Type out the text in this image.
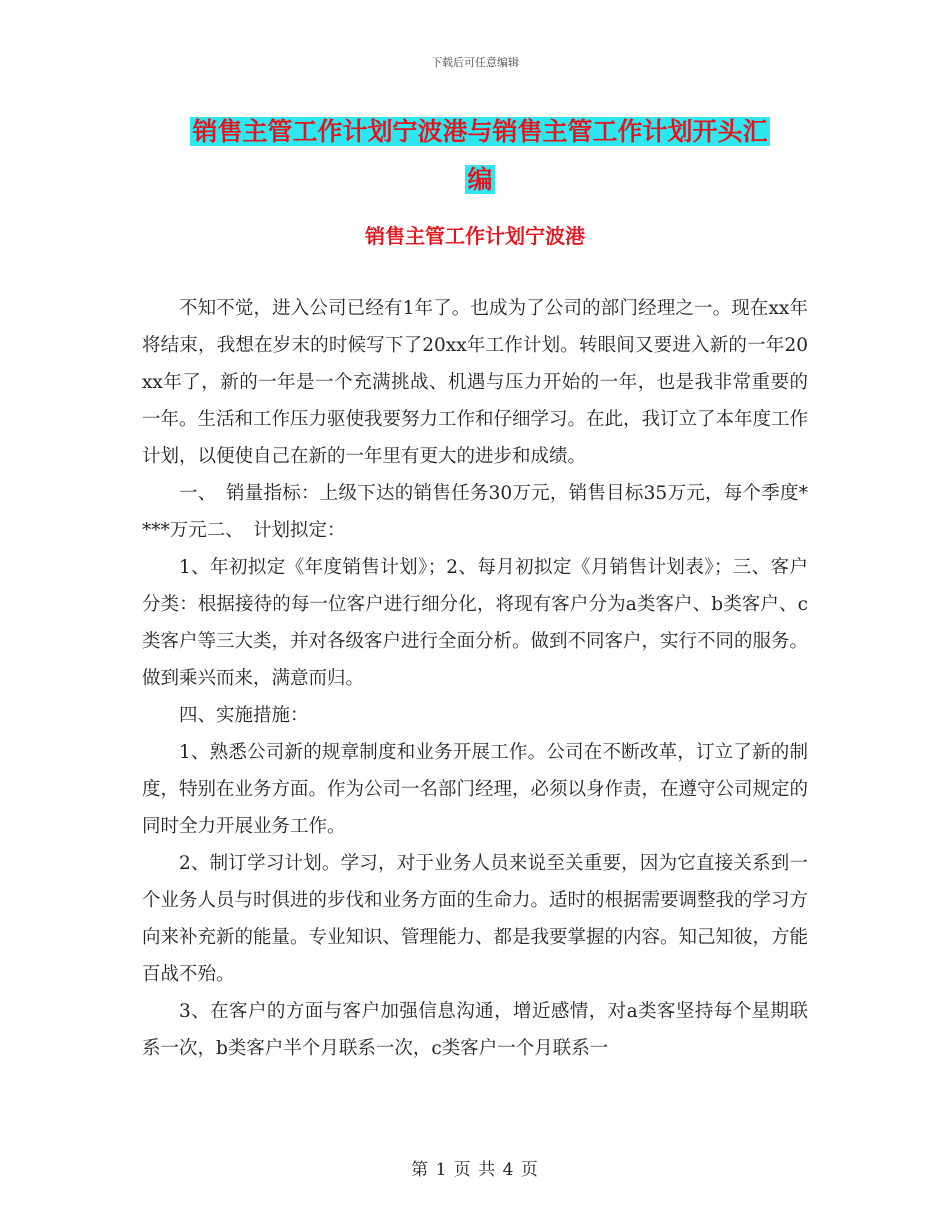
下载后可任意编辑
销售主管工作计划宁波港与销售主管工作计划开头汇
编
销售主管工作计划宁波港

不知不觉，进入公司已经有1年了。也成为了公司的部门经理之一。现在xx年将结束，我想在岁末的时候写下了20xx年工作计划。转眼间又要进入新的一年20xx年了，新的一年是一个充满挑战、机遇与压力开始的一年，也是我非常重要的一年。生活和工作压力驱使我要努力工作和仔细学习。在此，我订立了本年度工作计划，以便使自己在新的一年里有更大的进步和成绩。

一、　销量指标：上级下达的销售任务30万元，销售目标35万元，每个季度****万元二、　计划拟定：

1、年初拟定《年度销售计划》；2、每月初拟定《月销售计划表》；三、客户分类：根据接待的每一位客户进行细分化，将现有客户分为a类客户、b类客户、c类客户等三大类，并对各级客户进行全面分析。做到不同客户，实行不同的服务。做到乘兴而来，满意而归。

四、实施措施：

1、熟悉公司新的规章制度和业务开展工作。公司在不断改革，订立了新的制度，特别在业务方面。作为公司一名部门经理，必须以身作责，在遵守公司规定的同时全力开展业务工作。

2、制订学习计划。学习，对于业务人员来说至关重要，因为它直接关系到一个业务人员与时俱进的步伐和业务方面的生命力。适时的根据需要调整我的学习方向来补充新的能量。专业知识、管理能力、都是我要掌握的内容。知己知彼，方能百战不殆。

3、在客户的方面与客户加强信息沟通，增近感情，对a类客坚持每个星期联系一次，b类客户半个月联系一次，c类客户一个月联系一

第 1 页 共 4 页
